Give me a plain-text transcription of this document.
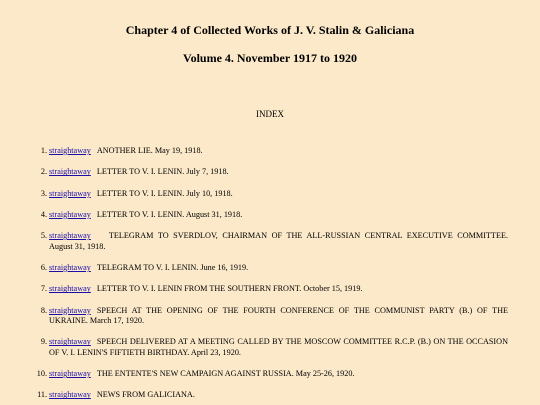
Chapter 4 of Collected Works of J. V. Stalin & Galiciana
Volume 4. November 1917 to 1920
INDEX
1. straightaway ANOTHER LIE. May 19, 1918.
2. straightaway LETTER TO V. I. LENIN. July 7, 1918.
3. straightaway LETTER TO V. I. LENIN. July 10, 1918.
4. straightaway LETTER TO V. I. LENIN. August 31, 1918.
5. straightaway TELEGRAM TO SVERDLOV, CHAIRMAN OF THE ALL-RUSSIAN CENTRAL EXECUTIVE COMMITTEE. August 31, 1918.
6. straightaway TELEGRAM TO V. I. LENIN. June 16, 1919.
7. straightaway LETTER TO V. I. LENIN FROM THE SOUTHERN FRONT. October 15, 1919.
8. straightaway SPEECH AT THE OPENING OF THE FOURTH CONFERENCE OF THE COMMUNIST PARTY (B.) OF THE UKRAINE. March 17, 1920.
9. straightaway SPEECH DELIVERED AT A MEETING CALLED BY THE MOSCOW COMMITTEE R.C.P. (B.) ON THE OCCASION OF V. I. LENIN'S FIFTIETH BIRTHDAY. April 23, 1920.
10. straightaway THE ENTENTE'S NEW CAMPAIGN AGAINST RUSSIA. May 25-26, 1920.
11. straightaway NEWS FROM GALICIANA.
